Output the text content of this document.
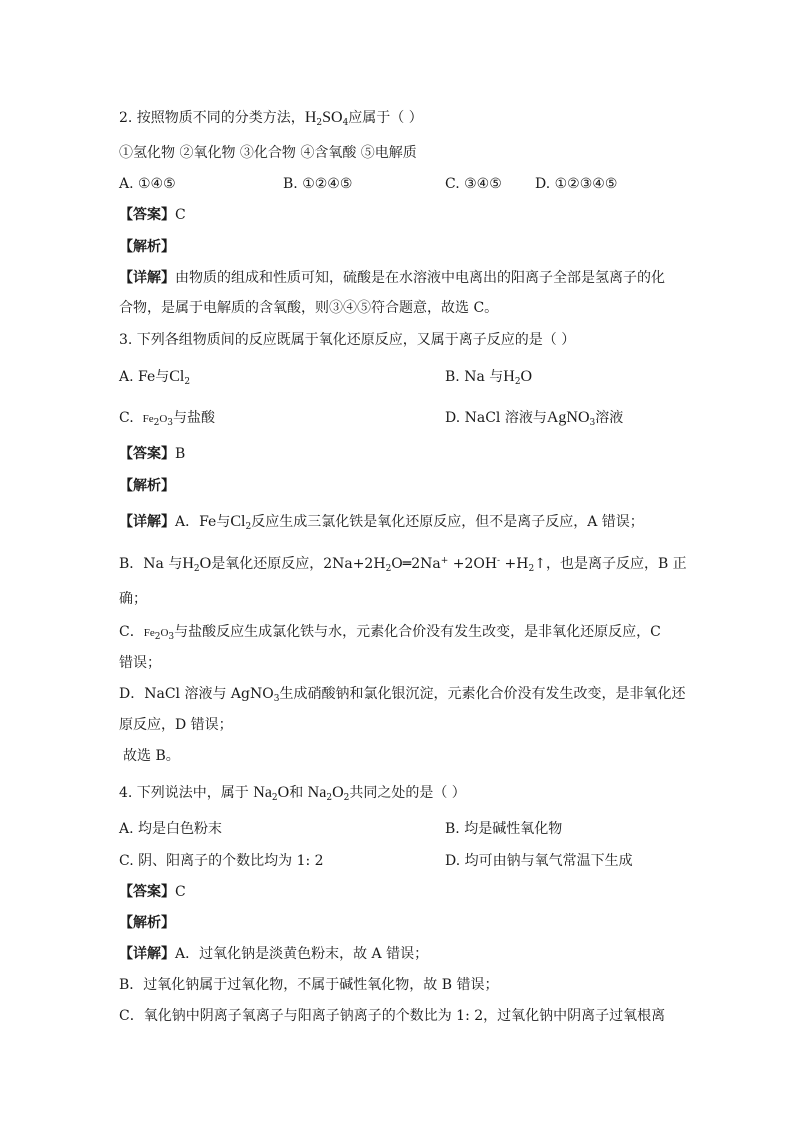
2. 按照物质不同的分类方法，$H_2SO_4$应属于（ ）
①氢化物 ②氧化物 ③化合物 ④含氧酸 ⑤电解质
A. ①④⑤	B. ①②④⑤	C. ③④⑤ D. ①②③④⑤
【答案】C
【解析】
【详解】由物质的组成和性质可知，硫酸是在水溶液中电离出的阳离子全部是氢离子的化
合物，是属于电解质的含氧酸，则③④⑤符合题意，故选 C。
3. 下列各组物质间的反应既属于氧化还原反应，又属于离子反应的是（ ）
A. Fe与$Cl_2$	B. Na 与$H_2O$
C. $Fe_2O_3$与盐酸	D. NaCl 溶液与AgNO$_3$溶液
【答案】B
【解析】
【详解】A．Fe与$Cl_2$反应生成三氯化铁是氧化还原反应，但不是离子反应，A 错误；
B．Na 与$H_2O$是氧化还原反应，$2Na+2H_2O═2Na^+ +2OH^-$ $+H_2↑$，也是离子反应，B 正
确；
C．$Fe_2O_3$与盐酸反应生成氯化铁与水，元素化合价没有发生改变，是非氧化还原反应，C
错误；
D．NaCl 溶液与 AgNO$_3$生成硝酸钠和氯化银沉淀，元素化合价没有发生改变，是非氧化还
原反应，D 错误；
故选 B。
4. 下列说法中，属于 $Na_2O$和 $Na_2O_2$共同之处的是（ ）
A. 均是白色粉末	B. 均是碱性氧化物
C. 阴、阳离子的个数比均为 1: 2	D. 均可由钠与氧气常温下生成
【答案】C
【解析】
【详解】A．过氧化钠是淡黄色粉末，故 A 错误；
B．过氧化钠属于过氧化物，不属于碱性氧化物，故 B 错误；
C．氧化钠中阴离子氧离子与阳离子钠离子的个数比为 1: 2，过氧化钠中阴离子过氧根离
